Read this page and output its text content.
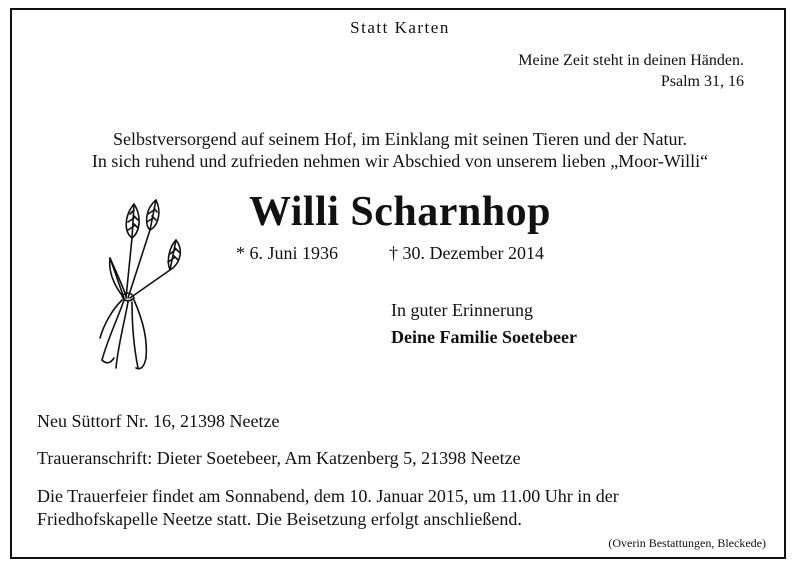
Statt Karten
Meine Zeit steht in deinen Händen.
Psalm 31, 16
Selbstversorgend auf seinem Hof, im Einklang mit seinen Tieren und der Natur.
In sich ruhend und zufrieden nehmen wir Abschied von unserem lieben „Moor-Willi“
Willi Scharnhop
* 6. Juni 1936	† 30. Dezember 2014
In guter Erinnerung
Deine Familie Soetebeer
Neu Süttorf Nr. 16, 21398 Neetze
Traueranschrift: Dieter Soetebeer, Am Katzenberg 5, 21398 Neetze
Die Trauerfeier findet am Sonnabend, dem 10. Januar 2015, um 11.00 Uhr in der
Friedhofskapelle Neetze statt. Die Beisetzung erfolgt anschließend.
(Overin Bestattungen, Bleckede)
